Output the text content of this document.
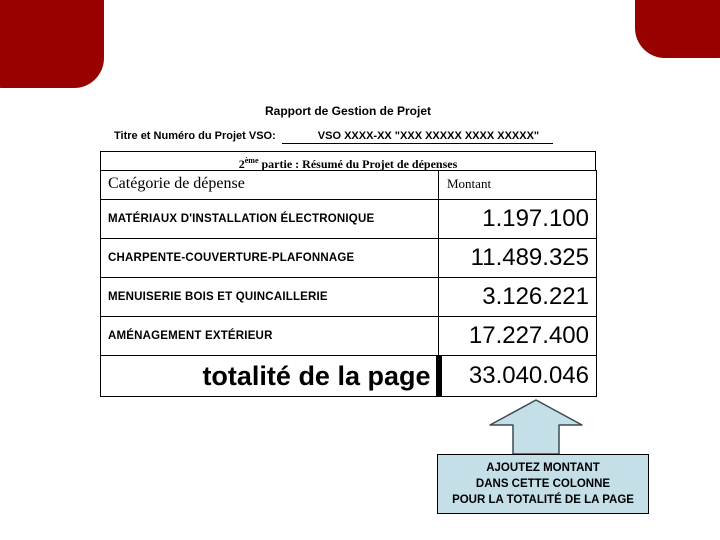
Rapport de Gestion de Projet
Titre et Numéro du Projet VSO:	VSO XXXX-XX "XXX XXXXX XXXX XXXXX"
2ème partie : Résumé du Projet de dépenses
Catégorie de dépense	Montant
MATÉRIAUX D'INSTALLATION ÉLECTRONIQUE	1.197.100
CHARPENTE-COUVERTURE-PLAFONNAGE	11.489.325
MENUISERIE BOIS ET QUINCAILLERIE	3.126.221
AMÉNAGEMENT EXTÉRIEUR	17.227.400
totalité de la page	33.040.046
AJOUTEZ MONTANT
DANS CETTE COLONNE
POUR LA TOTALITÉ DE LA PAGE
